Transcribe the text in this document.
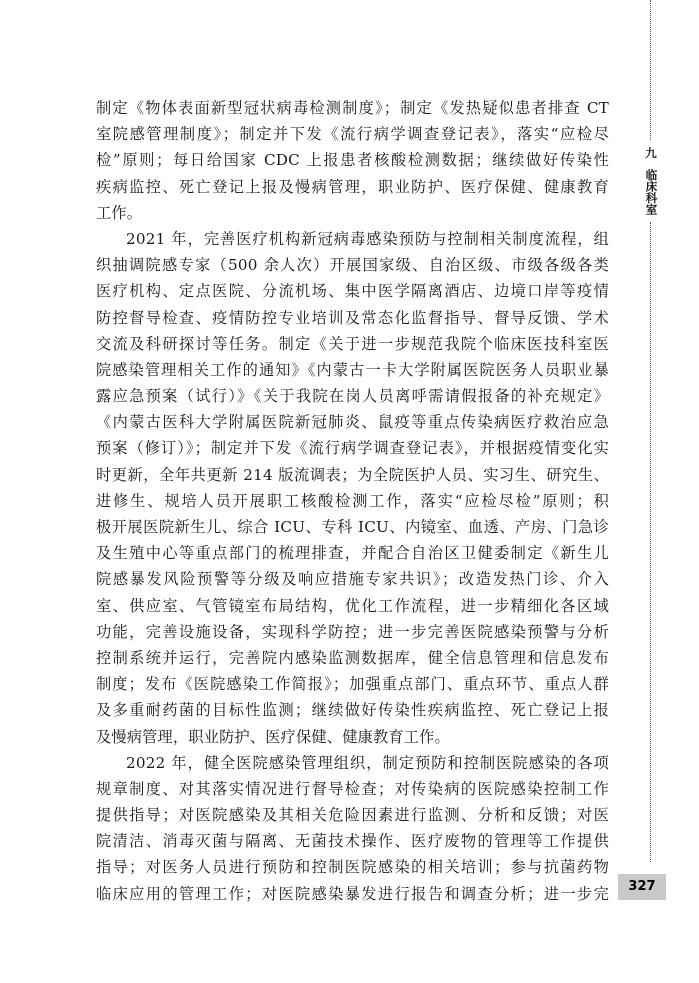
九
临床科室
制定《物体表面新型冠状病毒检测制度》；制定《发热疑似患者排查 CT
室院感管理制度》；制定并下发《流行病学调查登记表》，落实“应检尽
检”原则；每日给国家 CDC 上报患者核酸检测数据；继续做好传染性
疾病监控、死亡登记上报及慢病管理，职业防护、医疗保健、健康教育
工作。
2021 年，完善医疗机构新冠病毒感染预防与控制相关制度流程，组
织抽调院感专家（500 余人次）开展国家级、自治区级、市级各级各类
医疗机构、定点医院、分流机场、集中医学隔离酒店、边境口岸等疫情
防控督导检查、疫情防控专业培训及常态化监督指导、督导反馈、学术
交流及科研探讨等任务。制定《关于进一步规范我院个临床医技科室医
院感染管理相关工作的通知》《内蒙古一卡大学附属医院医务人员职业暴
露应急预案（试行）》《关于我院在岗人员离呼需请假报备的补充规定》
《内蒙古医科大学附属医院新冠肺炎、鼠疫等重点传染病医疗救治应急
预案（修订）》；制定并下发《流行病学调查登记表》，并根据疫情变化实
时更新，全年共更新 214 版流调表；为全院医护人员、实习生、研究生、
进修生、规培人员开展职工核酸检测工作，落实“应检尽检”原则；积
极开展医院新生儿、综合 ICU、专科 ICU、内镜室、血透、产房、门急诊
及生殖中心等重点部门的梳理排查，并配合自治区卫健委制定《新生儿
院感暴发风险预警等分级及响应措施专家共识》；改造发热门诊、介入
室、供应室、气管镜室布局结构，优化工作流程，进一步精细化各区域
功能，完善设施设备，实现科学防控；进一步完善医院感染预警与分析
控制系统并运行，完善院内感染监测数据库，健全信息管理和信息发布
制度；发布《医院感染工作简报》；加强重点部门、重点环节、重点人群
及多重耐药菌的目标性监测；继续做好传染性疾病监控、死亡登记上报
及慢病管理，职业防护、医疗保健、健康教育工作。
2022 年，健全医院感染管理组织，制定预防和控制医院感染的各项
规章制度、对其落实情况进行督导检查；对传染病的医院感染控制工作
提供指导；对医院感染及其相关危险因素进行监测、分析和反馈；对医
院清洁、消毒灭菌与隔离、无菌技术操作、医疗废物的管理等工作提供
指导；对医务人员进行预防和控制医院感染的相关培训；参与抗菌药物
临床应用的管理工作；对医院感染暴发进行报告和调查分析；进一步完	327
